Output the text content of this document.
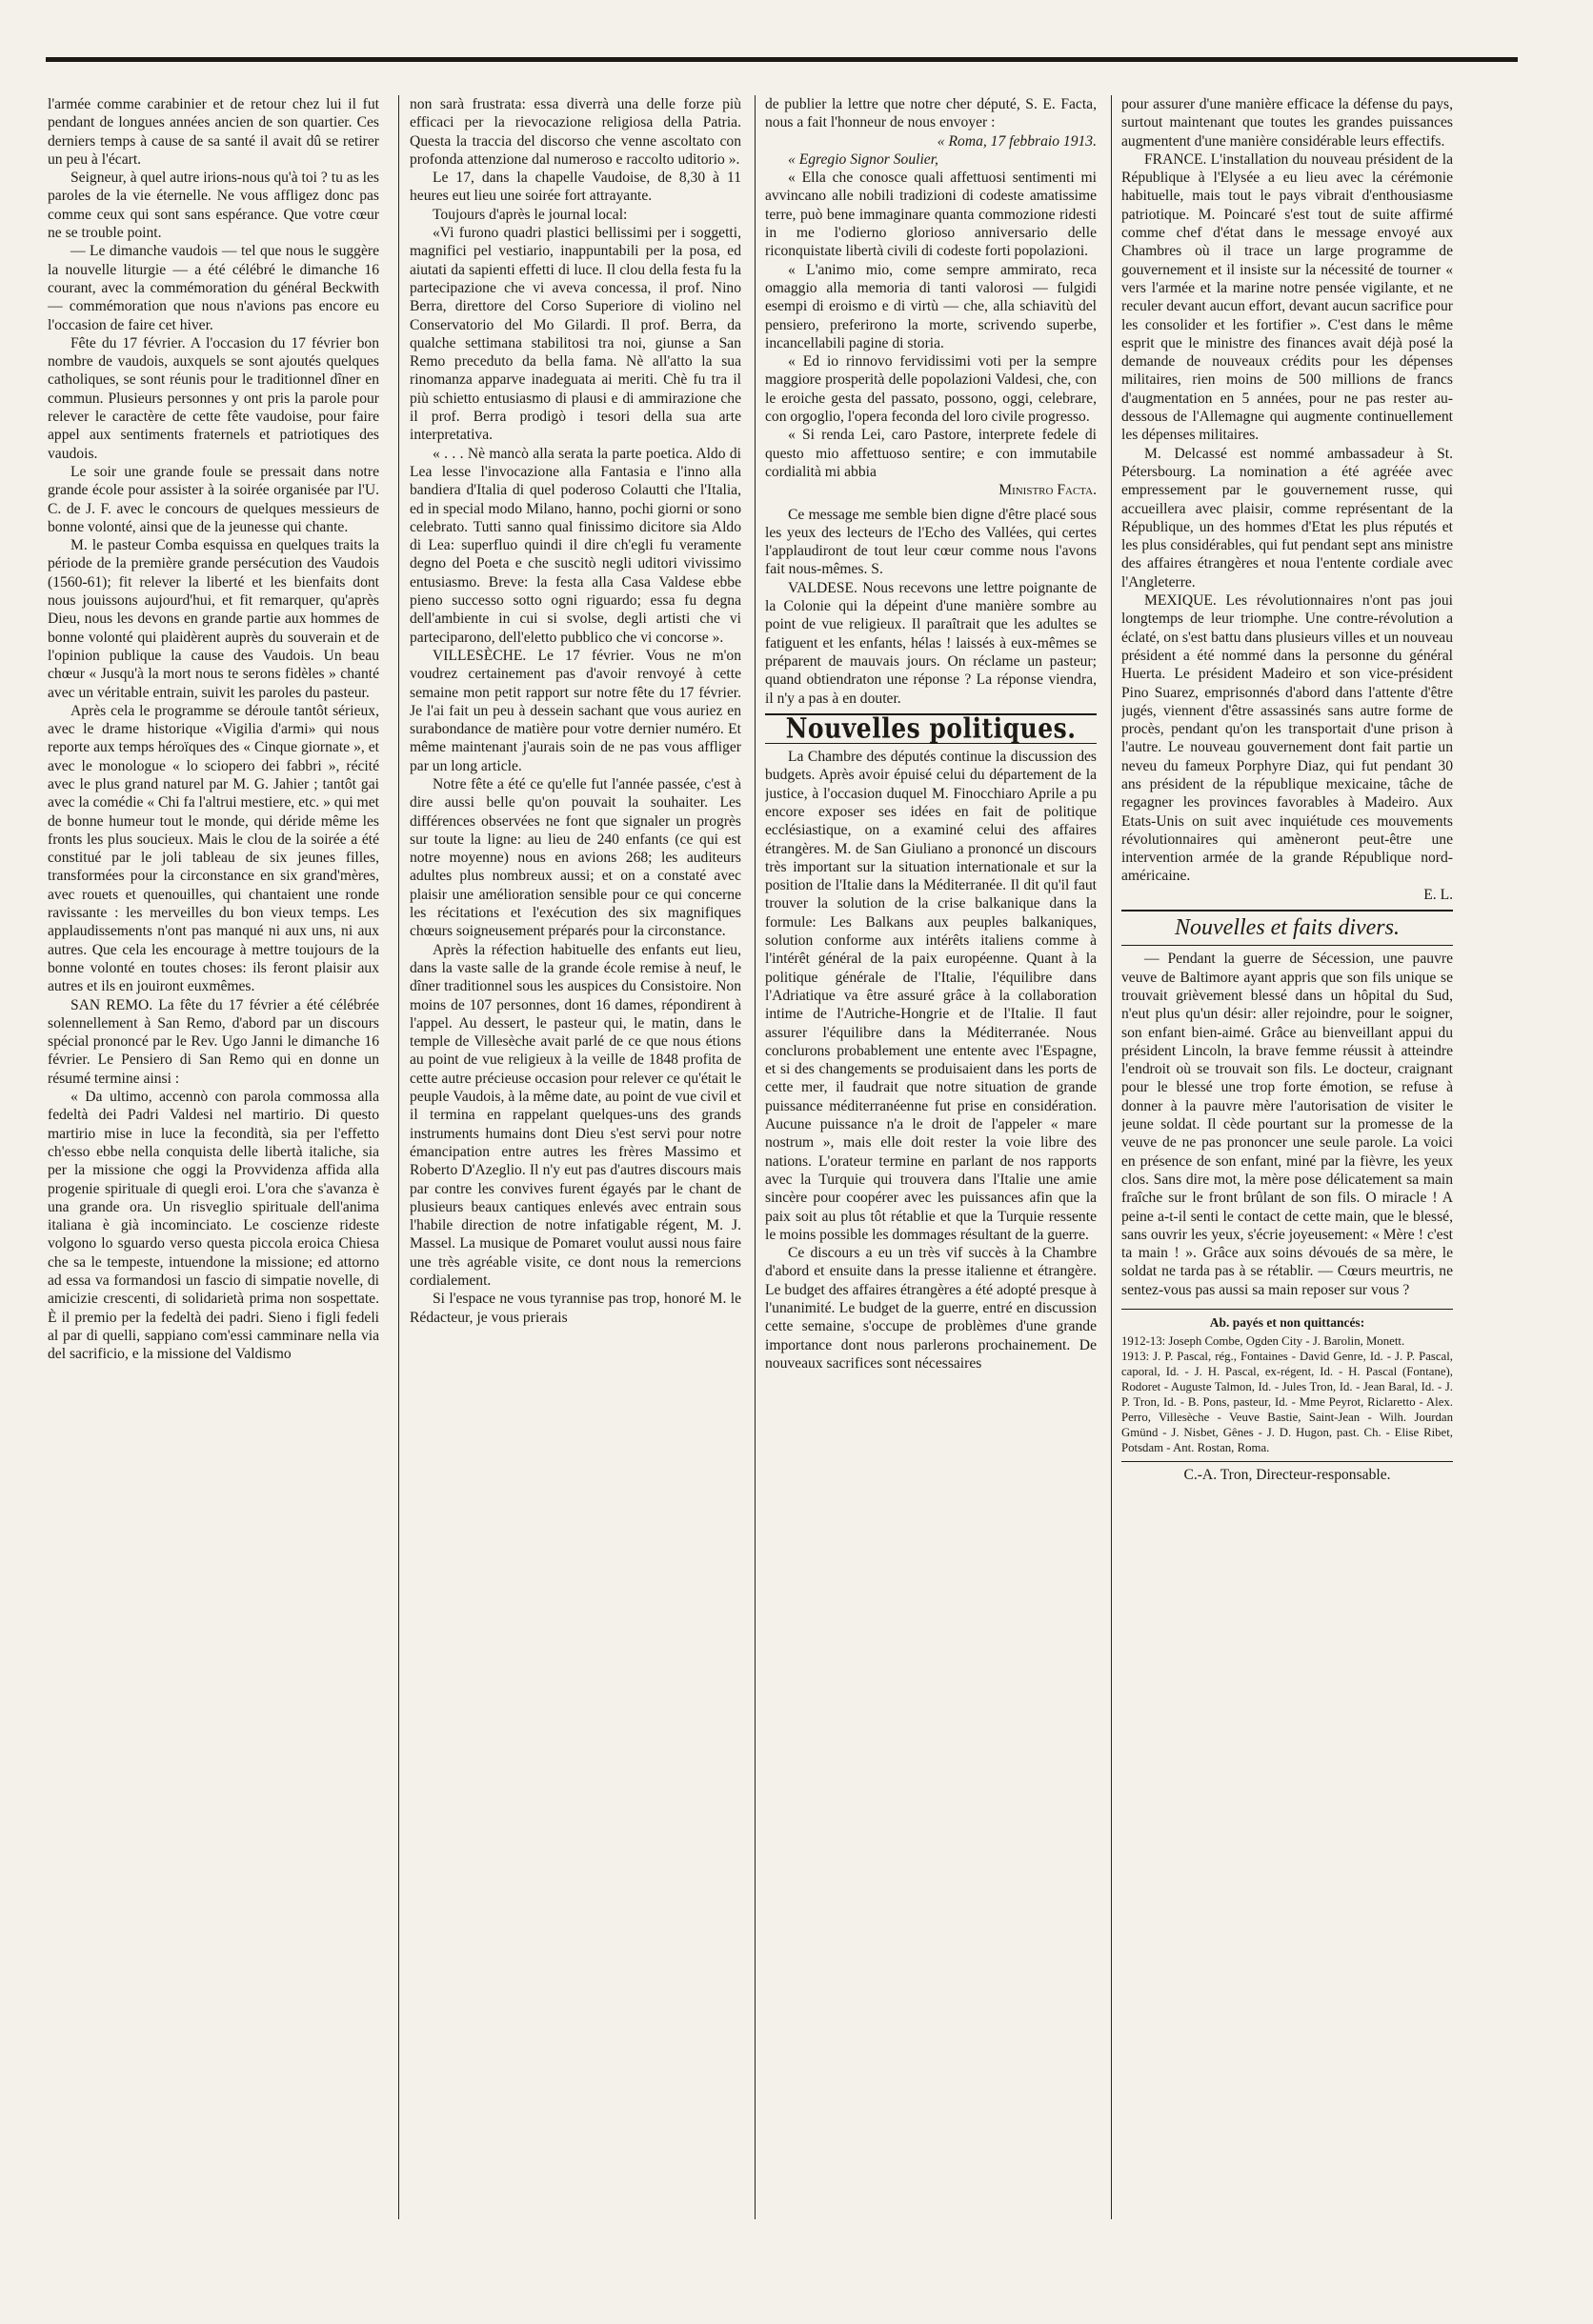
l'armée comme carabinier et de retour chez lui il fut pendant de longues années ancien de son quartier. Ces derniers temps à cause de sa santé il avait dû se retirer un peu à l'écart.

Seigneur, à quel autre irions-nous qu'à toi ? tu as les paroles de la vie éternelle. Ne vous affligez donc pas comme ceux qui sont sans espérance. Que votre cœur ne se trouble point.

— Le dimanche vaudois — tel que nous le suggère la nouvelle liturgie — a été célébré le dimanche 16 courant, avec la commémoration du général Beckwith — commémoration que nous n'avions pas encore eu l'occasion de faire cet hiver.

Fête du 17 février. A l'occasion du 17 février bon nombre de vaudois, auxquels se sont ajoutés quelques catholiques, se sont réunis pour le traditionnel dîner en commun. Plusieurs personnes y ont pris la parole pour relever le caractère de cette fête vaudoise, pour faire appel aux sentiments fraternels et patriotiques des vaudois.

Le soir une grande foule se pressait dans notre grande école pour assister à la soirée organisée par l'U. C. de J. F. avec le concours de quelques messieurs de bonne volonté, ainsi que de la jeunesse qui chante.

M. le pasteur Comba esquissa en quelques traits la période de la première grande persécution des Vaudois (1560-61); fit relever la liberté et les bienfaits dont nous jouissons aujourd'hui, et fit remarquer, qu'après Dieu, nous les devons en grande partie aux hommes de bonne volonté qui plaidèrent auprès du souverain et de l'opinion publique la cause des Vaudois. Un beau chœur « Jusqu'à la mort nous te serons fidèles » chanté avec un véritable entrain, suivit les paroles du pasteur.

Après cela le programme se déroule tantôt sérieux, avec le drame historique «Vigilia d'armi» qui nous reporte aux temps héroïques des « Cinque giornate », et avec le monologue « lo sciopero dei fabbri », récité avec le plus grand naturel par M. G. Jahier ; tantôt gai avec la comédie « Chi fa l'altrui mestiere, etc. » qui met de bonne humeur tout le monde, qui déride même les fronts les plus soucieux. Mais le clou de la soirée a été constitué par le joli tableau de six jeunes filles, transformées pour la circonstance en six grand'mères, avec rouets et quenouilles, qui chantaient une ronde ravissante : les merveilles du bon vieux temps. Les applaudissements n'ont pas manqué ni aux uns, ni aux autres. Que cela les encourage à mettre toujours de la bonne volonté en toutes choses: ils feront plaisir aux autres et ils en jouiront euxmêmes.

SAN REMO. La fête du 17 février a été célébrée solennellement à San Remo, d'abord par un discours spécial prononcé par le Rev. Ugo Janni le dimanche 16 février. Le Pensiero di San Remo qui en donne un résumé termine ainsi :

« Da ultimo, accennò con parola commossa alla fedeltà dei Padri Valdesi nel martirio. Di questo martirio mise in luce la fecondità, sia per l'effetto ch'esso ebbe nella conquista delle libertà italiche, sia per la missione che oggi la Provvidenza affida alla progenie spirituale di quegli eroi. L'ora che s'avanza è una grande ora. Un risveglio spirituale dell'anima italiana è già incominciato. Le coscienze rideste volgono lo sguardo verso questa piccola eroica Chiesa che sa le tempeste, intuendone la missione; ed attorno ad essa va formandosi un fascio di simpatie novelle, di amicizie crescenti, di solidarietà prima non sospettate. È il premio per la fedeltà dei padri. Sieno i figli fedeli al par di quelli, sappiano com'essi camminare nella via del sacrificio, e la missione del Valdismo

non sarà frustrata: essa diverrà una delle forze più efficaci per la rievocazione religiosa della Patria. Questa la traccia del discorso che venne ascoltato con profonda attenzione dal numeroso e raccolto uditorio ».

Le 17, dans la chapelle Vaudoise, de 8,30 à 11 heures eut lieu une soirée fort attrayante.

Toujours d'après le journal local:

«Vi furono quadri plastici bellissimi per i soggetti, magnifici pel vestiario, inappuntabili per la posa, ed aiutati da sapienti effetti di luce. Il clou della festa fu la partecipazione che vi aveva concessa, il prof. Nino Berra, direttore del Corso Superiore di violino nel Conservatorio del Mo Gilardi. Il prof. Berra, da qualche settimana stabilitosi tra noi, giunse a San Remo preceduto da bella fama. Nè all'atto la sua rinomanza apparve inadeguata ai meriti. Chè fu tra il più schietto entusiasmo di plausi e di ammirazione che il prof. Berra prodigò i tesori della sua arte interpretativa.

« . . . Nè mancò alla serata la parte poetica. Aldo di Lea lesse l'invocazione alla Fantasia e l'inno alla bandiera d'Italia di quel poderoso Colautti che l'Italia, ed in special modo Milano, hanno, pochi giorni or sono celebrato. Tutti sanno qual finissimo dicitore sia Aldo di Lea: superfluo quindi il dire ch'egli fu veramente degno del Poeta e che suscitò negli uditori vivissimo entusiasmo. Breve: la festa alla Casa Valdese ebbe pieno successo sotto ogni riguardo; essa fu degna dell'ambiente in cui si svolse, degli artisti che vi parteciparono, dell'eletto pubblico che vi concorse ».

VILLESÈCHE. Le 17 février. Vous ne m'on voudrez certainement pas d'avoir renvoyé à cette semaine mon petit rapport sur notre fête du 17 février. Je l'ai fait un peu à dessein sachant que vous auriez en surabondance de matière pour votre dernier numéro. Et même maintenant j'aurais soin de ne pas vous affliger par un long article.

Notre fête a été ce qu'elle fut l'année passée, c'est à dire aussi belle qu'on pouvait la souhaiter. Les différences observées ne font que signaler un progrès sur toute la ligne: au lieu de 240 enfants (ce qui est notre moyenne) nous en avions 268; les auditeurs adultes plus nombreux aussi; et on a constaté avec plaisir une amélioration sensible pour ce qui concerne les récitations et l'exécution des six magnifiques chœurs soigneusement préparés pour la circonstance.

Après la réfection habituelle des enfants eut lieu, dans la vaste salle de la grande école remise à neuf, le dîner traditionnel sous les auspices du Consistoire. Non moins de 107 personnes, dont 16 dames, répondirent à l'appel. Au dessert, le pasteur qui, le matin, dans le temple de Villesèche avait parlé de ce que nous étions au point de vue religieux à la veille de 1848 profita de cette autre précieuse occasion pour relever ce qu'était le peuple Vaudois, à la même date, au point de vue civil et il termina en rappelant quelques-uns des grands instruments humains dont Dieu s'est servi pour notre émancipation entre autres les frères Massimo et Roberto D'Azeglio. Il n'y eut pas d'autres discours mais par contre les convives furent égayés par le chant de plusieurs beaux cantiques enlevés avec entrain sous l'habile direction de notre infatigable régent, M. J. Massel. La musique de Pomaret voulut aussi nous faire une très agréable visite, ce dont nous la remercions cordialement.

Si l'espace ne vous tyrannise pas trop, honoré M. le Rédacteur, je vous prierais

de publier la lettre que notre cher député, S. E. Facta, nous a fait l'honneur de nous envoyer :

« Roma, 17 febbraio 1913.

« Egregio Signor Soulier,

« Ella che conosce quali affettuosi sentimenti mi avvincano alle nobili tradizioni di codeste amatissime terre, può bene immaginare quanta commozione ridesti in me l'odierno glorioso anniversario delle riconquistate libertà civili di codeste forti popolazioni.

« L'animo mio, come sempre ammirato, reca omaggio alla memoria di tanti valorosi — fulgidi esempi di eroismo e di virtù — che, alla schiavitù del pensiero, preferirono la morte, scrivendo superbe, incancellabili pagine di storia.

« Ed io rinnovo fervidissimi voti per la sempre maggiore prosperità delle popolazioni Valdesi, che, con le eroiche gesta del passato, possono, oggi, celebrare, con orgoglio, l'opera feconda del loro civile progresso.

« Si renda Lei, caro Pastore, interprete fedele di questo mio affettuoso sentire; e con immutabile cordialità mi abbia

Ministro Facta.

Ce message me semble bien digne d'être placé sous les yeux des lecteurs de l'Echo des Vallées, qui certes l'applaudiront de tout leur cœur comme nous l'avons fait nous-mêmes. S.

VALDESE. Nous recevons une lettre poignante de la Colonie qui la dépeint d'une manière sombre au point de vue religieux. Il paraîtrait que les adultes se fatiguent et les enfants, hélas ! laissés à eux-mêmes se préparent de mauvais jours. On réclame un pasteur; quand obtiendraton une réponse ? La réponse viendra, il n'y a pas à en douter.

Nouvelles politiques.

La Chambre des députés continue la discussion des budgets. Après avoir épuisé celui du département de la justice, à l'occasion duquel M. Finocchiaro Aprile a pu encore exposer ses idées en fait de politique ecclésiastique, on a examiné celui des affaires étrangères. M. de San Giuliano a prononcé un discours très important sur la situation internationale et sur la position de l'Italie dans la Méditerranée. Il dit qu'il faut trouver la solution de la crise balkanique dans la formule: Les Balkans aux peuples balkaniques, solution conforme aux intérêts italiens comme à l'intérêt général de la paix européenne. Quant à la politique générale de l'Italie, l'équilibre dans l'Adriatique va être assuré grâce à la collaboration intime de l'Autriche-Hongrie et de l'Italie. Il faut assurer l'équilibre dans la Méditerranée. Nous conclurons probablement une entente avec l'Espagne, et si des changements se produisaient dans les ports de cette mer, il faudrait que notre situation de grande puissance méditerranéenne fut prise en considération. Aucune puissance n'a le droit de l'appeler « mare nostrum », mais elle doit rester la voie libre des nations. L'orateur termine en parlant de nos rapports avec la Turquie qui trouvera dans l'Italie une amie sincère pour coopérer avec les puissances afin que la paix soit au plus tôt rétablie et que la Turquie ressente le moins possible les dommages résultant de la guerre.

Ce discours a eu un très vif succès à la Chambre d'abord et ensuite dans la presse italienne et étrangère. Le budget des affaires étrangères a été adopté presque à l'unanimité. Le budget de la guerre, entré en discussion cette semaine, s'occupe de problèmes d'une grande importance dont nous parlerons prochainement. De nouveaux sacrifices sont nécessaires

pour assurer d'une manière efficace la défense du pays, surtout maintenant que toutes les grandes puissances augmentent d'une manière considérable leurs effectifs.

FRANCE. L'installation du nouveau président de la République à l'Elysée a eu lieu avec la cérémonie habituelle, mais tout le pays vibrait d'enthousiasme patriotique. M. Poincaré s'est tout de suite affirmé comme chef d'état dans le message envoyé aux Chambres où il trace un large programme de gouvernement et il insiste sur la nécessité de tourner « vers l'armée et la marine notre pensée vigilante, et ne reculer devant aucun effort, devant aucun sacrifice pour les consolider et les fortifier ». C'est dans le même esprit que le ministre des finances avait déjà posé la demande de nouveaux crédits pour les dépenses militaires, rien moins de 500 millions de francs d'augmentation en 5 années, pour ne pas rester au-dessous de l'Allemagne qui augmente continuellement les dépenses militaires.

M. Delcassé est nommé ambassadeur à St. Pétersbourg. La nomination a été agréée avec empressement par le gouvernement russe, qui accueillera avec plaisir, comme représentant de la République, un des hommes d'Etat les plus réputés et les plus considérables, qui fut pendant sept ans ministre des affaires étrangères et noua l'entente cordiale avec l'Angleterre.

MEXIQUE. Les révolutionnaires n'ont pas joui longtemps de leur triomphe. Une contre-révolution a éclaté, on s'est battu dans plusieurs villes et un nouveau président a été nommé dans la personne du général Huerta. Le président Madeiro et son vice-président Pino Suarez, emprisonnés d'abord dans l'attente d'être jugés, viennent d'être assassinés sans autre forme de procès, pendant qu'on les transportait d'une prison à l'autre. Le nouveau gouvernement dont fait partie un neveu du fameux Porphyre Diaz, qui fut pendant 30 ans président de la république mexicaine, tâche de regagner les provinces favorables à Madeiro. Aux Etats-Unis on suit avec inquiétude ces mouvements révolutionnaires qui amèneront peut-être une intervention armée de la grande République nord-américaine.

E. L.

Nouvelles et faits divers.

— Pendant la guerre de Sécession, une pauvre veuve de Baltimore ayant appris que son fils unique se trouvait grièvement blessé dans un hôpital du Sud, n'eut plus qu'un désir: aller rejoindre, pour le soigner, son enfant bien-aimé. Grâce au bienveillant appui du président Lincoln, la brave femme réussit à atteindre l'endroit où se trouvait son fils. Le docteur, craignant pour le blessé une trop forte émotion, se refuse à donner à la pauvre mère l'autorisation de visiter le jeune soldat. Il cède pourtant sur la promesse de la veuve de ne pas prononcer une seule parole. La voici en présence de son enfant, miné par la fièvre, les yeux clos. Sans dire mot, la mère pose délicatement sa main fraîche sur le front brûlant de son fils. O miracle ! A peine a-t-il senti le contact de cette main, que le blessé, sans ouvrir les yeux, s'écrie joyeusement: « Mère ! c'est ta main ! ». Grâce aux soins dévoués de sa mère, le soldat ne tarda pas à se rétablir. — Cœurs meurtris, ne sentez-vous pas aussi sa main reposer sur vous ?

Ab. payés et non quittancés:

1912-13: Joseph Combe, Ogden City - J. Barolin, Monett.

1913: J. P. Pascal, rég., Fontaines - David Genre, Id. - J. P. Pascal, caporal, Id. - J. H. Pascal, ex-régent, Id. - H. Pascal (Fontane), Rodoret - Auguste Talmon, Id. - Jules Tron, Id. - Jean Baral, Id. - J. P. Tron, Id. - B. Pons, pasteur, Id. - Mme Peyrot, Riclaretto - Alex. Perro, Villesèche - Veuve Bastie, Saint-Jean - Wilh. Jourdan Gmünd - J. Nisbet, Gênes - J. D. Hugon, past. Ch. - Elise Ribet, Potsdam - Ant. Rostan, Roma.

C.-A. Tron, Directeur-responsable.
